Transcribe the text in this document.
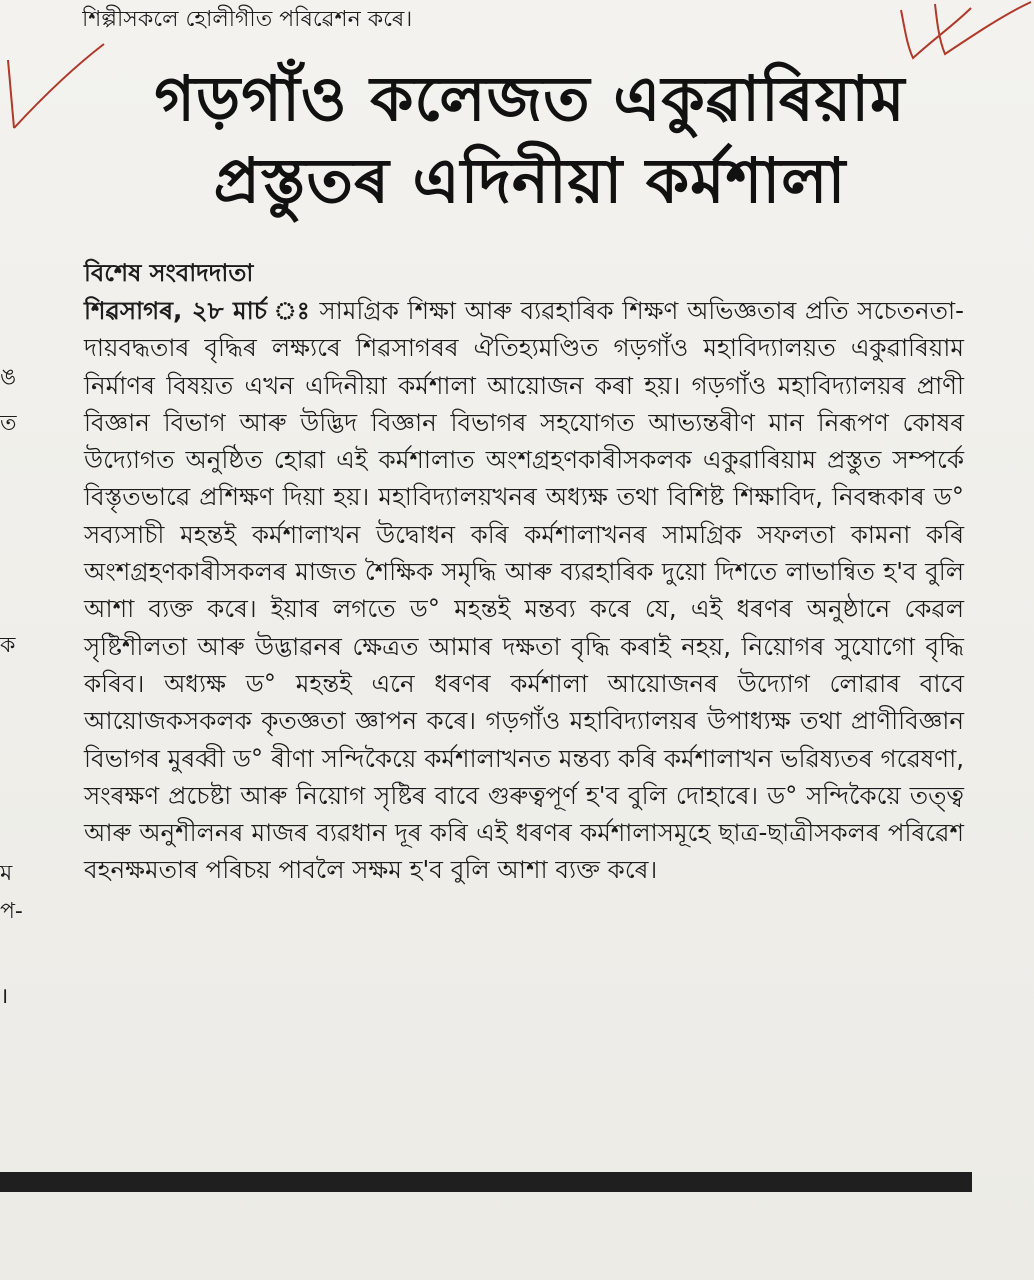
শিল্পীসকলে হোলীগীত পৰিৱেশন কৰে।
গড়গাঁও কলেজত একুৱাৰিয়াম
প্ৰস্তুতৰ এদিনীয়া কৰ্মশালা
বিশেষ সংবাদদাতা
শিৱসাগৰ, ২৮ মাৰ্চ ঃ সামগ্ৰিক শিক্ষা আৰু ব্যৱহাৰিক শিক্ষণ অভিজ্ঞতাৰ প্ৰতি সচেতনতা-দায়বদ্ধতাৰ বৃদ্ধিৰ লক্ষ্যৰে শিৱসাগৰৰ ঐতিহ্যমণ্ডিত গড়গাঁও মহাবিদ্যালয়ত একুৱাৰিয়াম নিৰ্মাণৰ বিষয়ত এখন এদিনীয়া কৰ্মশালা আয়োজন কৰা হয়। গড়গাঁও মহাবিদ্যালয়ৰ প্ৰাণী বিজ্ঞান বিভাগ আৰু উদ্ভিদ বিজ্ঞান বিভাগৰ সহযোগত আভ্যন্তৰীণ মান নিৰূপণ কোষৰ উদ্যোগত অনুষ্ঠিত হোৱা এই কৰ্মশালাত অংশগ্ৰহণকাৰীসকলক একুৱাৰিয়াম প্ৰস্তুত সম্পৰ্কে বিস্তৃতভাৱে প্ৰশিক্ষণ দিয়া হয়। মহাবিদ্যালয়খনৰ অধ্যক্ষ তথা বিশিষ্ট শিক্ষাবিদ, নিবন্ধকাৰ ড° সব্যসাচী মহন্তই কৰ্মশালাখন উদ্বোধন কৰি কৰ্মশালাখনৰ সামগ্ৰিক সফলতা কামনা কৰি অংশগ্ৰহণকাৰীসকলৰ মাজত শৈক্ষিক সমৃদ্ধি আৰু ব্যৱহাৰিক দুয়ো দিশতে লাভান্বিত হ'ব বুলি আশা ব্যক্ত কৰে। ইয়াৰ লগতে ড° মহন্তই মন্তব্য কৰে যে, এই ধৰণৰ অনুষ্ঠানে কেৱল সৃষ্টিশীলতা আৰু উদ্ভাৱনৰ ক্ষেত্ৰত আমাৰ দক্ষতা বৃদ্ধি কৰাই নহয়, নিয়োগৰ সুযোগো বৃদ্ধি কৰিব। অধ্যক্ষ ড° মহন্তই এনে ধৰণৰ কৰ্মশালা আয়োজনৰ উদ্যোগ লোৱাৰ বাবে আয়োজকসকলক কৃতজ্ঞতা জ্ঞাপন কৰে। গড়গাঁও মহাবিদ্যালয়ৰ উপাধ্যক্ষ তথা প্ৰাণীবিজ্ঞান বিভাগৰ মুৰব্বী ড° ৰীণা সন্দিকৈয়ে কৰ্মশালাখনত মন্তব্য কৰি কৰ্মশালাখন ভৱিষ্যতৰ গৱেষণা, সংৰক্ষণ প্ৰচেষ্টা আৰু নিয়োগ সৃষ্টিৰ বাবে গুৰুত্বপূৰ্ণ হ'ব বুলি দোহাৰে। ড° সন্দিকৈয়ে তত্ত্ব আৰু অনুশীলনৰ মাজৰ ব্যৱধান দূৰ কৰি এই ধৰণৰ কৰ্মশালাসমূহে ছাত্ৰ-ছাত্ৰীসকলৰ পৰিৱেশ বহনক্ষমতাৰ পৰিচয় পাবলৈ সক্ষম হ'ব বুলি আশা ব্যক্ত কৰে।
ঙ
ত
ক
ম
প-
।
